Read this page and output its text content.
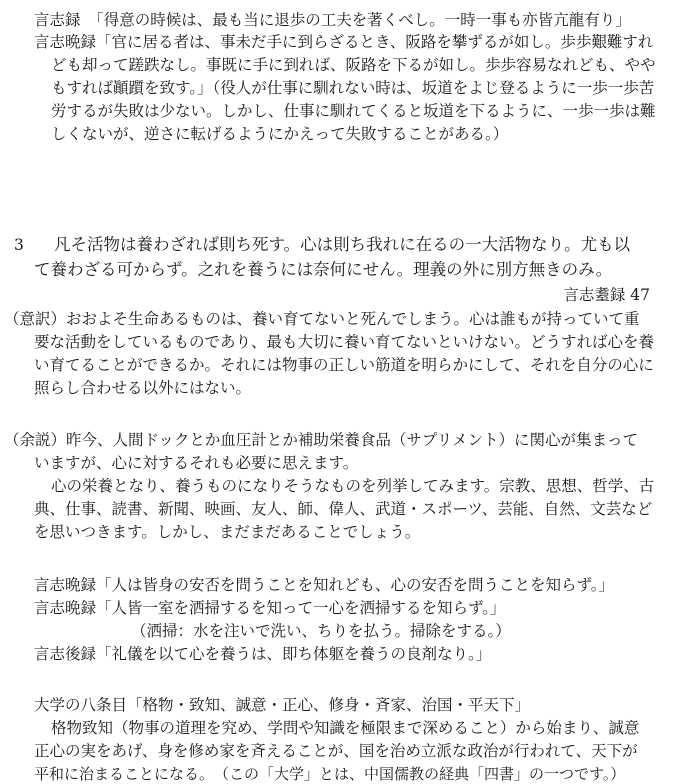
言志録　「得意の時候は、最も当に退歩の工夫を著くべし。一時一事も亦皆亢龍有り」
言志晩録「官に居る者は、事未だ手に到らざるとき、阪路を攀ずるが如し。歩歩艱難すれ
ども却って蹉跌なし。事既に手に到れば、阪路を下るが如し。歩歩容易なれども、やや
もすれば顚躓を致す。」（役人が仕事に馴れない時は、坂道をよじ登るように一歩一歩苦
労するが失敗は少ない。しかし、仕事に馴れてくると坂道を下るように、一歩一歩は難
しくないが、逆さに転げるようにかえって失敗することがある。）
3 凡そ活物は養わざれば則ち死す。心は則ち我れに在るの一大活物なり。尤も以
て養わざる可からず。之れを養うには奈何にせん。理義の外に別方無きのみ。
言志耋録 47
（意訳）おおよそ生命あるものは、養い育てないと死んでしまう。心は誰もが持っていて重
要な活動をしているものであり、最も大切に養い育てないといけない。どうすれば心を養
い育てることができるか。それには物事の正しい筋道を明らかにして、それを自分の心に
照らし合わせる以外にはない。
（余説）昨今、人間ドックとか血圧計とか補助栄養食品（サプリメント）に関心が集まって
いますが、心に対するそれも必要に思えます。
心の栄養となり、養うものになりそうなものを列挙してみます。宗教、思想、哲学、古
典、仕事、読書、新聞、映画、友人、師、偉人、武道・スポーツ、芸能、自然、文芸など
を思いつきます。しかし、まだまだあることでしょう。
言志晩録「人は皆身の安否を問うことを知れども、心の安否を問うことを知らず。」
言志晩録「人皆一室を洒掃するを知って一心を洒掃するを知らず。」
（洒掃：水を注いで洗い、ちりを払う。掃除をする。）
言志後録「礼儀を以て心を養うは、即ち体躯を養うの良剤なり。」
大学の八条目「格物・致知、誠意・正心、修身・斉家、治国・平天下」
格物致知（物事の道理を究め、学問や知識を極限まで深めること）から始まり、誠意
正心の実をあげ、身を修め家を斉えることが、国を治め立派な政治が行われて、天下が
平和に治まることになる。　（この「大学」とは、中国儒教の経典「四書」の一つです。）
